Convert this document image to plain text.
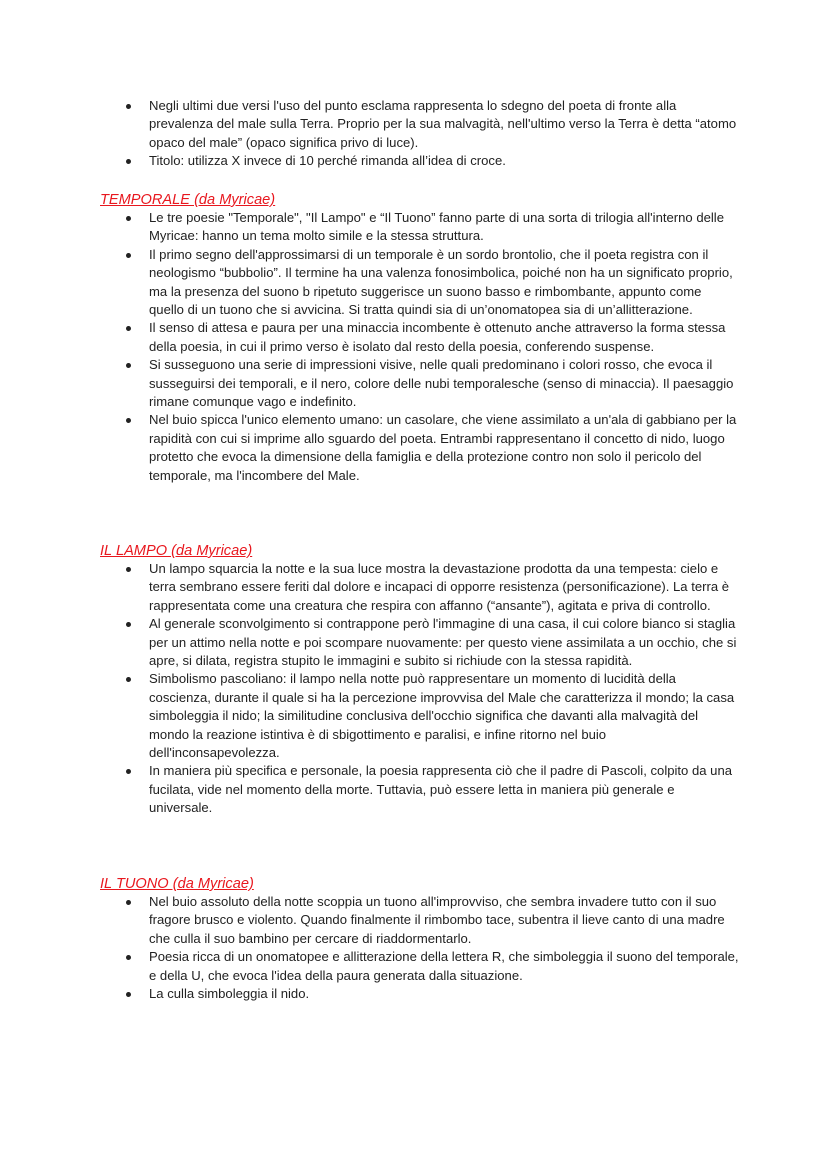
Negli ultimi due versi l'uso del punto esclama rappresenta lo sdegno del poeta di fronte alla prevalenza del male sulla Terra. Proprio per la sua malvagità, nell'ultimo verso la Terra è detta “atomo opaco del male” (opaco significa privo di luce).
Titolo: utilizza X invece di 10 perché rimanda all’idea di croce.
TEMPORALE (da Myricae)
Le tre poesie "Temporale", "Il Lampo" e “Il Tuono” fanno parte di una sorta di trilogia all'interno delle Myricae: hanno un tema molto simile e la stessa struttura.
Il primo segno dell'approssimarsi di un temporale è un sordo brontolio, che il poeta registra con il neologismo “bubbolio”. Il termine ha una valenza fonosimbolica, poiché non ha un significato proprio, ma la presenza del suono b ripetuto suggerisce un suono basso e rimbombante, appunto come quello di un tuono che si avvicina. Si tratta quindi sia di un’onomatopea sia di un’allitterazione.
Il senso di attesa e paura per una minaccia incombente è ottenuto anche attraverso la forma stessa della poesia, in cui il primo verso è isolato dal resto della poesia, conferendo suspense.
Si susseguono una serie di impressioni visive, nelle quali predominano i colori rosso, che evoca il susseguirsi dei temporali, e il nero, colore delle nubi temporalesche (senso di minaccia). Il paesaggio rimane comunque vago e indefinito.
Nel buio spicca l'unico elemento umano: un casolare, che viene assimilato a un'ala di gabbiano per la rapidità con cui si imprime allo sguardo del poeta. Entrambi rappresentano il concetto di nido, luogo protetto che evoca la dimensione della famiglia e della protezione contro non solo il pericolo del temporale, ma l'incombere del Male.
IL LAMPO (da Myricae)
Un lampo squarcia la notte e la sua luce mostra la devastazione prodotta da una tempesta: cielo e terra sembrano essere feriti dal dolore e incapaci di opporre resistenza (personificazione). La terra è rappresentata come una creatura che respira con affanno (“ansante”), agitata e priva di controllo.
Al generale sconvolgimento si contrappone però l'immagine di una casa, il cui colore bianco si staglia per un attimo nella notte e poi scompare nuovamente: per questo viene assimilata a un occhio, che si apre, si dilata, registra stupito le immagini e subito si richiude con la stessa rapidità.
Simbolismo pascoliano: il lampo nella notte può rappresentare un momento di lucidità della coscienza, durante il quale si ha la percezione improvvisa del Male che caratterizza il mondo; la casa simboleggia il nido; la similitudine conclusiva dell'occhio significa che davanti alla malvagità del mondo la reazione istintiva è di sbigottimento e paralisi, e infine ritorno nel buio dell'inconsapevolezza.
In maniera più specifica e personale, la poesia rappresenta ciò che il padre di Pascoli, colpito da una fucilata, vide nel momento della morte. Tuttavia, può essere letta in maniera più generale e universale.
IL TUONO (da Myricae)
Nel buio assoluto della notte scoppia un tuono all'improvviso, che sembra invadere tutto con il suo fragore brusco e violento. Quando finalmente il rimbombo tace, subentra il lieve canto di una madre che culla il suo bambino per cercare di riaddormentarlo.
Poesia ricca di un onomatopee e allitterazione della lettera R, che simboleggia il suono del temporale, e della U, che evoca l'idea della paura generata dalla situazione.
La culla simboleggia il nido.
